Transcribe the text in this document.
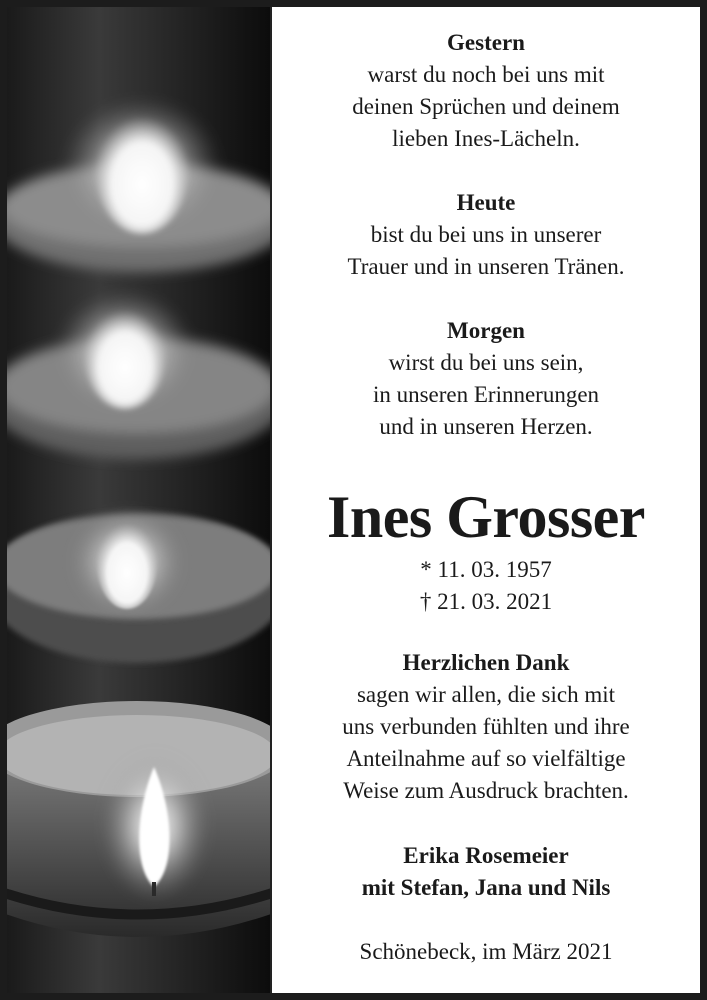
Gestern
warst du noch bei uns mit
deinen Sprüchen und deinem
lieben Ines-Lächeln.
Heute
bist du bei uns in unserer
Trauer und in unseren Tränen.
Morgen
wirst du bei uns sein,
in unseren Erinnerungen
und in unseren Herzen.
Ines Grosser
* 11. 03. 1957
† 21. 03. 2021
Herzlichen Dank
sagen wir allen, die sich mit
uns verbunden fühlten und ihre
Anteilnahme auf so vielfältige
Weise zum Ausdruck brachten.
Erika Rosemeier
mit Stefan, Jana und Nils
Schönebeck, im März 2021
